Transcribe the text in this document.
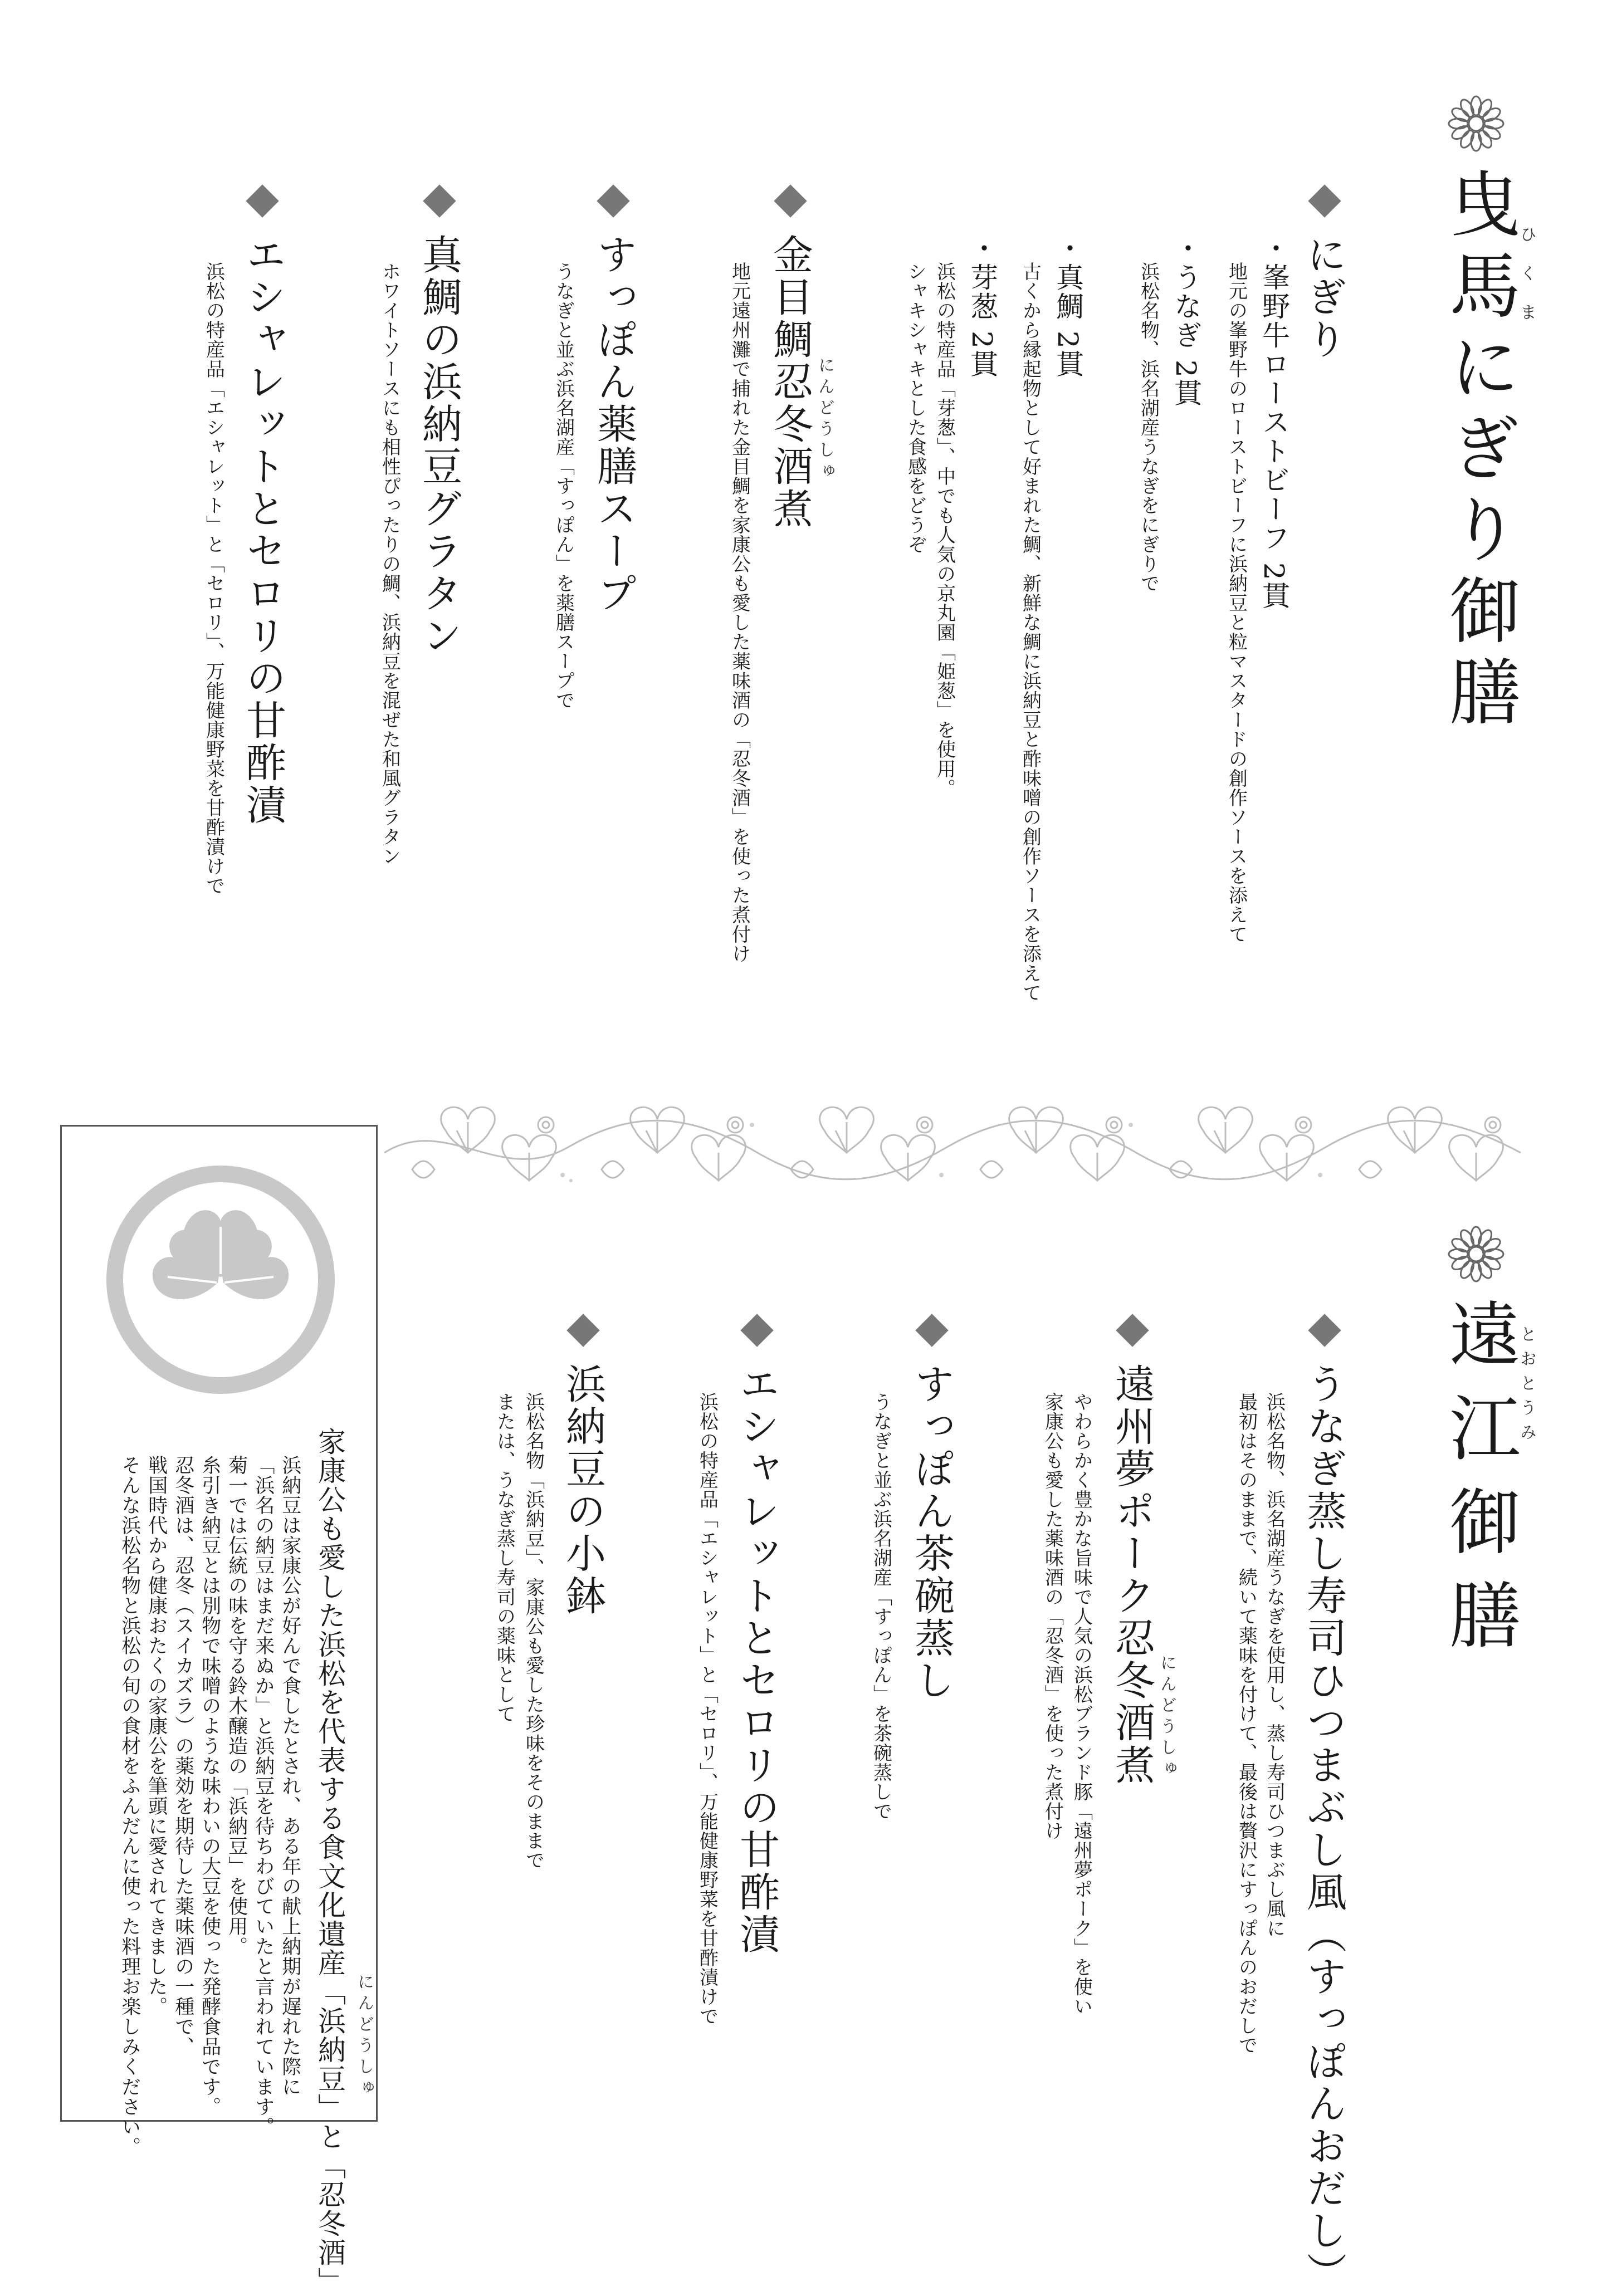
曳馬にぎり御膳
ひくま
にぎり
・峯野牛ローストビーフ 2貫
地元の峯野牛のローストビーフに浜納豆と粒マスタードの創作ソースを添えて
・うなぎ 2貫
浜松名物、浜名湖産うなぎをにぎりで
・真鯛 2貫
古くから縁起物として好まれた鯛、新鮮な鯛に浜納豆と酢味噌の創作ソースを添えて
・芽葱 2貫
浜松の特産品「芽葱」、中でも人気の京丸園「姫葱」を使用。
シャキシャキとした食感をどうぞ
金目鯛忍冬酒煮 にんどうしゅ
地元遠州灘で捕れた金目鯛を家康公も愛した薬味酒の「忍冬酒」を使った煮付け
すっぽん薬膳スープ
うなぎと並ぶ浜名湖産「すっぽん」を薬膳スープで
真鯛の浜納豆グラタン
ホワイトソースにも相性ぴったりの鯛、浜納豆を混ぜた和風グラタン
エシャレットとセロリの甘酢漬
浜松の特産品「エシャレット」と「セロリ」、万能健康野菜を甘酢漬けで
遠江御膳
とおとうみ
うなぎ蒸し寿司ひつまぶし風（すっぽんおだし）
浜松名物、浜名湖産うなぎを使用し、蒸し寿司ひつまぶし風に
最初はそのままで、続いて薬味を付けて、最後は贅沢にすっぽんのおだしで
遠州夢ポーク忍冬酒煮 にんどうしゅ
やわらかく豊かな旨味で人気の浜松ブランド豚「遠州夢ポーク」を使い
家康公も愛した薬味酒の「忍冬酒」を使った煮付け
すっぽん茶碗蒸し
うなぎと並ぶ浜名湖産「すっぽん」を茶碗蒸しで
エシャレットとセロリの甘酢漬
浜松の特産品「エシャレット」と「セロリ」、万能健康野菜を甘酢漬けで
浜納豆の小鉢
浜松名物「浜納豆」、家康公も愛した珍味をそのままで
または、うなぎ蒸し寿司の薬味として
家康公も愛した浜松を代表する食文化遺産「浜納豆」と「忍冬酒」 にんどうしゅ
浜納豆は家康公が好んで食したとされ、ある年の献上納期が遅れた際に
「浜名の納豆はまだ来ぬか」と浜納豆を待ちわびていたと言われています。
菊一では伝統の味を守る鈴木醸造の「浜納豆」を使用。
糸引き納豆とは別物で味噌のような味わいの大豆を使った発酵食品です。
忍冬酒は、忍冬（スイカズラ）の薬効を期待した薬味酒の一種で、
戦国時代から健康おたくの家康公を筆頭に愛されてきました。
そんな浜松名物と浜松の旬の食材をふんだんに使った料理お楽しみください。
